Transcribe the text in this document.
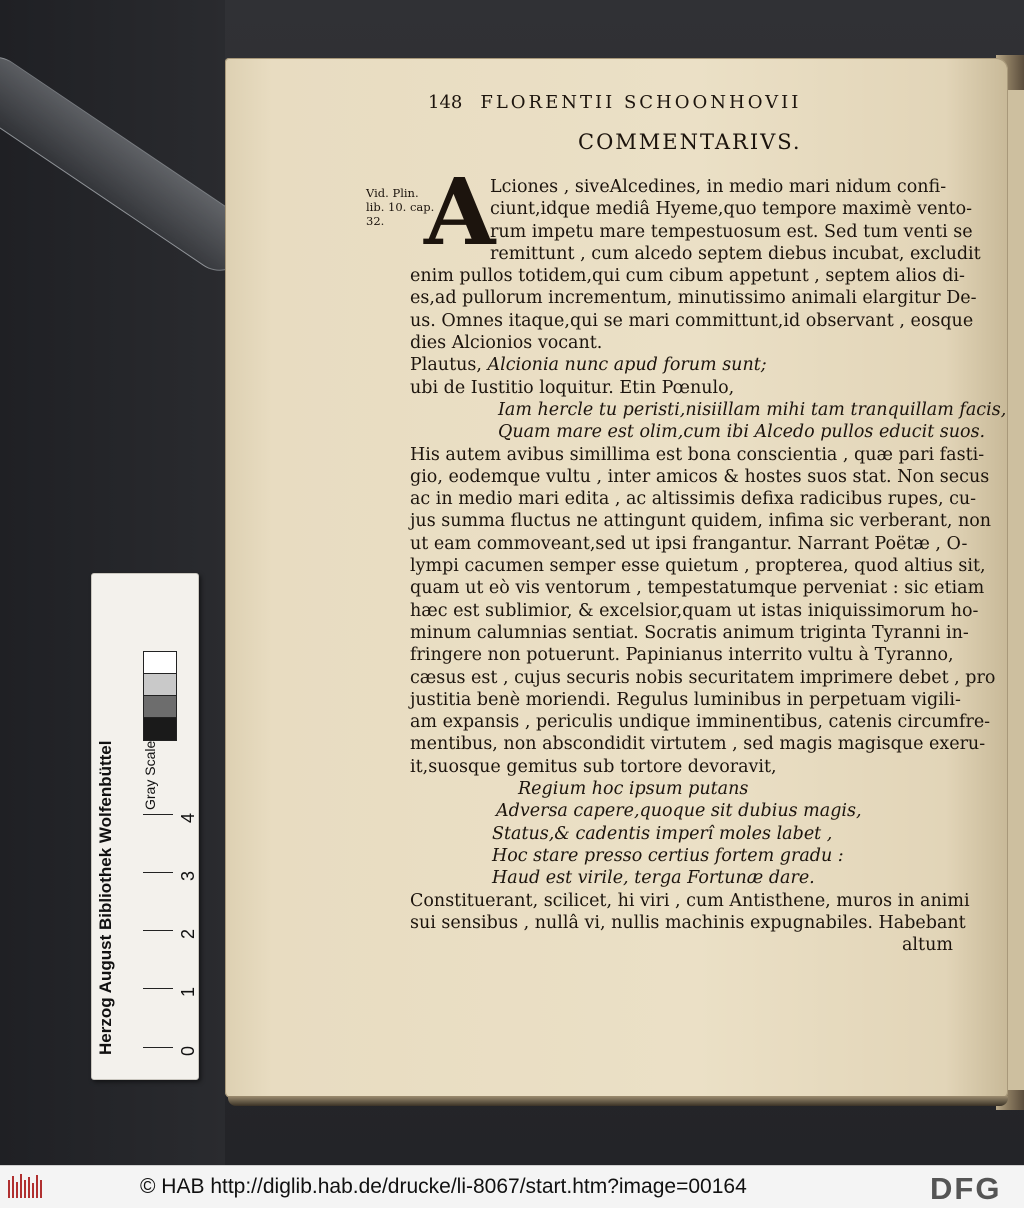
148 FLORENTII SCHOONHOVII
COMMENTARIVS.
Vid. Plin. lib. 10. cap. 32. A
Lciones , siveAlcedines, in medio mari nidum confi-
ciunt,idque mediâ Hyeme,quo tempore maximè vento-
rum impetu mare tempestuosum est. Sed tum venti se
remittunt , cum alcedo septem diebus incubat, excludit
enim pullos totidem,qui cum cibum appetunt , septem alios di-
es,ad pullorum incrementum, minutissimo animali elargitur De-
us. Omnes itaque,qui se mari committunt,id observant , eosque
dies Alcionios vocant.
Plautus, Alcionia nunc apud forum sunt;
ubi de Iustitio loquitur. Etin Pœnulo,
Iam hercle tu peristi,nisiillam mihi tam tranquillam facis,
Quam mare est olim,cum ibi Alcedo pullos educit suos.
His autem avibus simillima est bona conscientia , quæ pari fasti-
gio, eodemque vultu , inter amicos & hostes suos stat. Non secus
ac in medio mari edita , ac altissimis defixa radicibus rupes, cu-
jus summa fluctus ne attingunt quidem, infima sic verberant, non
ut eam commoveant,sed ut ipsi frangantur. Narrant Poëtæ , O-
lympi cacumen semper esse quietum , propterea, quod altius sit,
quam ut eò vis ventorum , tempestatumque perveniat : sic etiam
hæc est sublimior, & excelsior,quam ut istas iniquissimorum ho-
minum calumnias sentiat. Socratis animum triginta Tyranni in-
fringere non potuerunt. Papinianus interrito vultu à Tyranno,
cæsus est , cujus securis nobis securitatem imprimere debet , pro
justitia benè moriendi. Regulus luminibus in perpetuam vigili-
am expansis , periculis undique imminentibus, catenis circumfre-
mentibus, non abscondidit virtutem , sed magis magisque exeru-
it,suosque gemitus sub tortore devoravit,
Regium hoc ipsum putans
Adversa capere,quoque sit dubius magis,
Status,& cadentis imperî moles labet ,
Hoc stare presso certius fortem gradu :
Haud est virile, terga Fortunæ dare.
Constituerant, scilicet, hi viri , cum Antisthene, muros in animi
sui sensibus , nullâ vi, nullis machinis expugnabiles. Habebant
altum
Herzog August Bibliothek Wolfenbüttel Gray Scale
0
1
2
3
4
© HAB http://diglib.hab.de/drucke/li-8067/start.htm?image=00164	DFG
